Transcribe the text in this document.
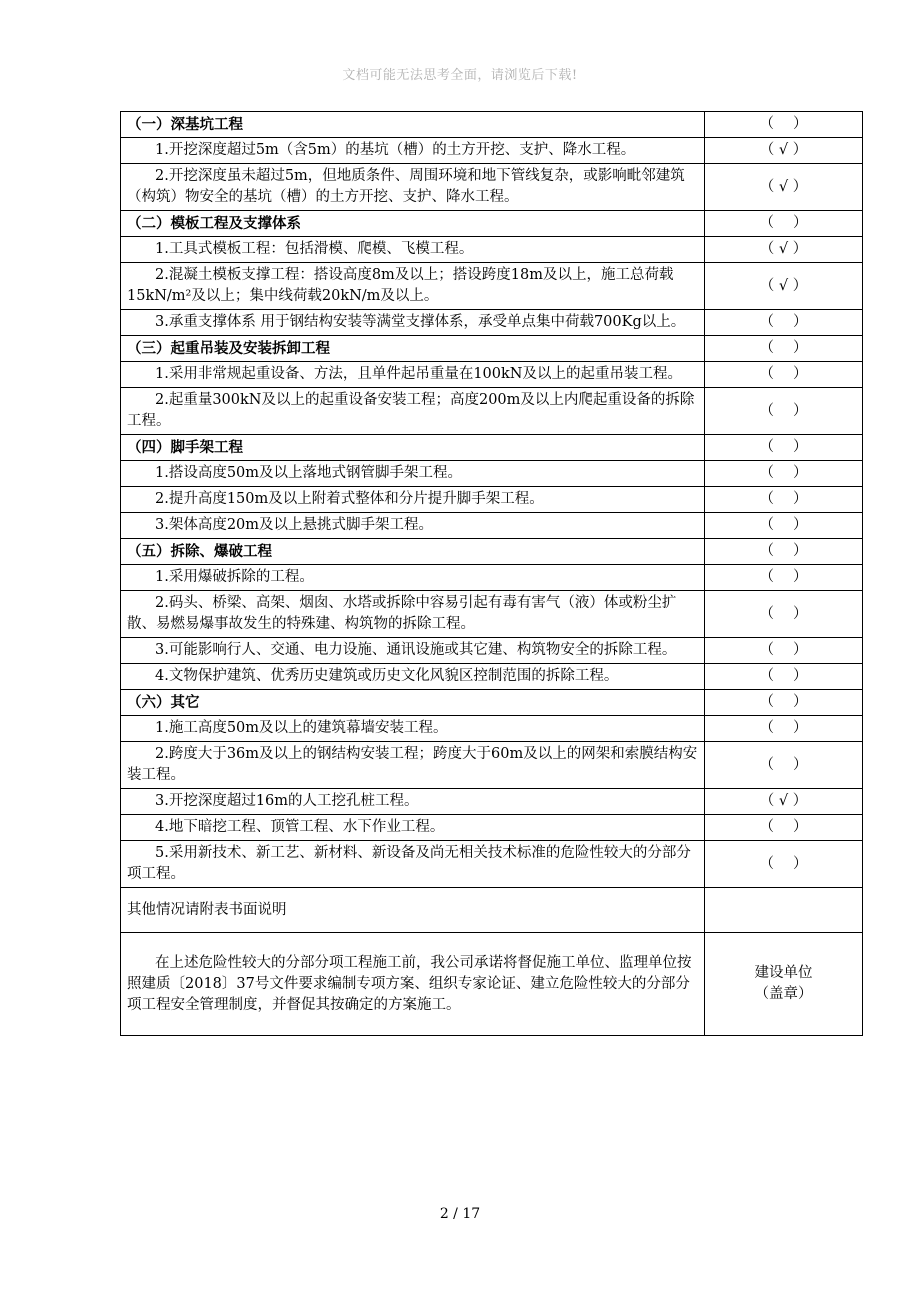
文档可能无法思考全面，请浏览后下载!
（一）深基坑工程	（　 ）
1.开挖深度超过5m（含5m）的基坑（槽）的土方开挖、支护、降水工程。	（ √ ）
2.开挖深度虽未超过5m，但地质条件、周围环境和地下管线复杂，或影响毗邻建筑（构筑）物安全的基坑（槽）的土方开挖、支护、降水工程。	（ √ ）
（二）模板工程及支撑体系	（　 ）
1.工具式模板工程：包括滑模、爬模、飞模工程。	（ √ ）
2.混凝土模板支撑工程：搭设高度8m及以上；搭设跨度18m及以上，施工总荷载15kN/m²及以上；集中线荷载20kN/m及以上。	（ √ ）
3.承重支撑体系 用于钢结构安装等满堂支撑体系，承受单点集中荷载700Kg以上。	（　 ）
（三）起重吊装及安装拆卸工程	（　 ）
1.采用非常规起重设备、方法，且单件起吊重量在100kN及以上的起重吊装工程。	（　 ）
2.起重量300kN及以上的起重设备安装工程；高度200m及以上内爬起重设备的拆除工程。	（　 ）
（四）脚手架工程	（　 ）
1.搭设高度50m及以上落地式钢管脚手架工程。	（　 ）
2.提升高度150m及以上附着式整体和分片提升脚手架工程。	（　 ）
3.架体高度20m及以上悬挑式脚手架工程。	（　 ）
（五）拆除、爆破工程	（　 ）
1.采用爆破拆除的工程。	（　 ）
2.码头、桥梁、高架、烟囱、水塔或拆除中容易引起有毒有害气（液）体或粉尘扩散、易燃易爆事故发生的特殊建、构筑物的拆除工程。	（　 ）
3.可能影响行人、交通、电力设施、通讯设施或其它建、构筑物安全的拆除工程。	（　 ）
4.文物保护建筑、优秀历史建筑或历史文化风貌区控制范围的拆除工程。	（　 ）
（六）其它	（　 ）
1.施工高度50m及以上的建筑幕墙安装工程。	（　 ）
2.跨度大于36m及以上的钢结构安装工程；跨度大于60m及以上的网架和索膜结构安装工程。	（　 ）
3.开挖深度超过16m的人工挖孔桩工程。	（ √ ）
4.地下暗挖工程、顶管工程、水下作业工程。	（　 ）
5.采用新技术、新工艺、新材料、新设备及尚无相关技术标准的危险性较大的分部分项工程。	（　 ）
其他情况请附表书面说明	
在上述危险性较大的分部分项工程施工前，我公司承诺将督促施工单位、监理单位按照建质〔2018〕37号文件要求编制专项方案、组织专家论证、建立危险性较大的分部分项工程安全管理制度，并督促其按确定的方案施工。	建设单位
（盖章）
2 / 17
